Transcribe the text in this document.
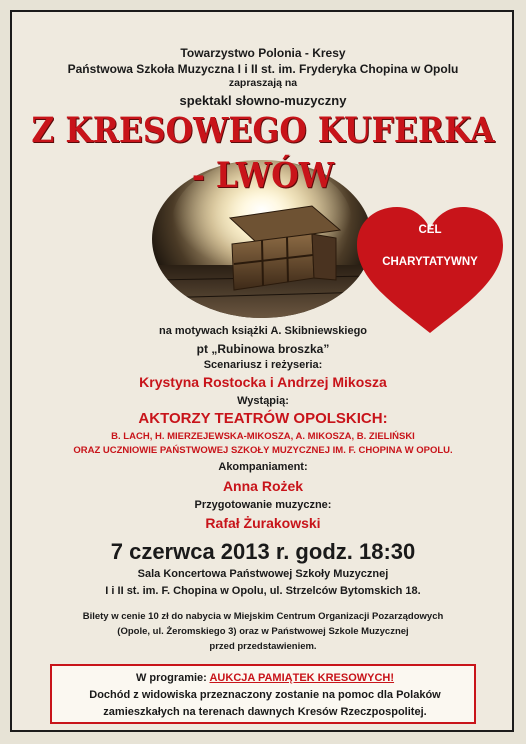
Towarzystwo Polonia - Kresy
Państwowa Szkoła Muzyczna I i II st. im. Fryderyka Chopina w Opolu
zapraszają na
spektakl słowno-muzyczny
Z KRESOWEGO KUFERKA
- LWÓW
CEL
CHARYTATYWNY
na motywach książki A. Skibniewskiego
pt „Rubinowa broszka”
Scenariusz i reżyseria:
Krystyna Rostocka i Andrzej Mikosza
Wystąpią:
AKTORZY TEATRÓW OPOLSKICH:
B. LACH, H. MIERZEJEWSKA-MIKOSZA, A. MIKOSZA, B. ZIELIŃSKI
ORAZ UCZNIOWIE PAŃSTWOWEJ SZKOŁY MUZYCZNEJ IM. F. CHOPINA W OPOLU.
Akompaniament:
Anna Rożek
Przygotowanie muzyczne:
Rafał Żurakowski
7 czerwca 2013 r. godz. 18:30
Sala Koncertowa Państwowej Szkoły Muzycznej
I i II st. im. F. Chopina w Opolu, ul. Strzelców Bytomskich 18.
Bilety w cenie 10 zł do nabycia w Miejskim Centrum Organizacji Pozarządowych
(Opole, ul. Żeromskiego 3) oraz w Państwowej Szkole Muzycznej
przed przedstawieniem.
W programie: AUKCJA PAMIĄTEK KRESOWYCH!
Dochód z widowiska przeznaczony zostanie na pomoc dla Polaków
zamieszkałych na terenach dawnych Kresów Rzeczpospolitej.
